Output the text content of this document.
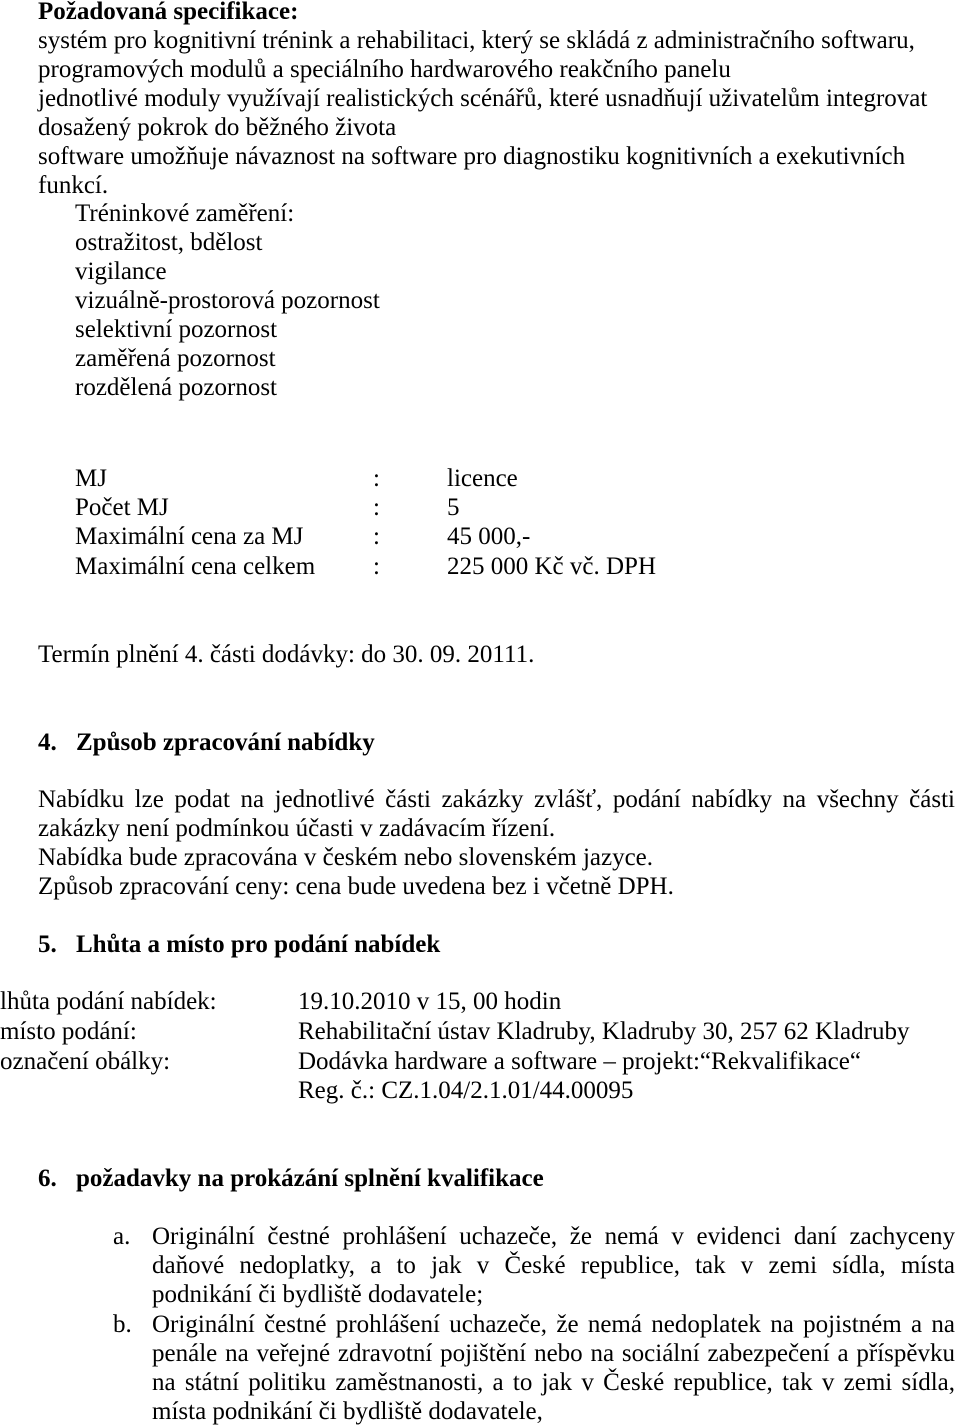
Požadovaná specifikace:
systém pro kognitivní trénink a rehabilitaci, který se skládá z administračního softwaru,
programových modulů a speciálního hardwarového reakčního panelu
jednotlivé moduly využívají realistických scénářů, které usnadňují uživatelům integrovat
dosažený pokrok do běžného života
software umožňuje návaznost na software pro diagnostiku kognitivních a exekutivních
funkcí.
Tréninkové zaměření:
ostražitost, bdělost
vigilance
vizuálně-prostorová pozornost
selektivní pozornost
zaměřená pozornost
rozdělená pozornost
MJ	:	licence
Počet MJ	:	5
Maximální cena za MJ	:	45 000,-
Maximální cena celkem :	225 000 Kč vč. DPH
Termín plnění 4. části dodávky: do 30. 09. 20111.
4. Způsob zpracování nabídky
Nabídku lze podat na jednotlivé části zakázky zvlášť, podání nabídky na všechny části
zakázky není podmínkou účasti v zadávacím řízení.
Nabídka bude zpracována v českém nebo slovenském jazyce.
Způsob zpracování ceny: cena bude uvedena bez i včetně DPH.
5. Lhůta a místo pro podání nabídek
lhůta podání nabídek:	19.10.2010 v 15, 00 hodin
místo podání:	Rehabilitační ústav Kladruby, Kladruby 30, 257 62 Kladruby
označení obálky:	Dodávka hardware a software – projekt:“Rekvalifikace“
Reg. č.: CZ.1.04/2.1.01/44.00095
6. požadavky na prokázání splnění kvalifikace
a. Originální čestné prohlášení uchazeče, že nemá v evidenci daní zachyceny
daňové nedoplatky, a to jak v České republice, tak v zemi sídla, místa
podnikání či bydliště dodavatele;
b. Originální čestné prohlášení uchazeče, že nemá nedoplatek na pojistném a na
penále na veřejné zdravotní pojištění nebo na sociální zabezpečení a příspěvku
na státní politiku zaměstnanosti, a to jak v České republice, tak v zemi sídla,
místa podnikání či bydliště dodavatele,
